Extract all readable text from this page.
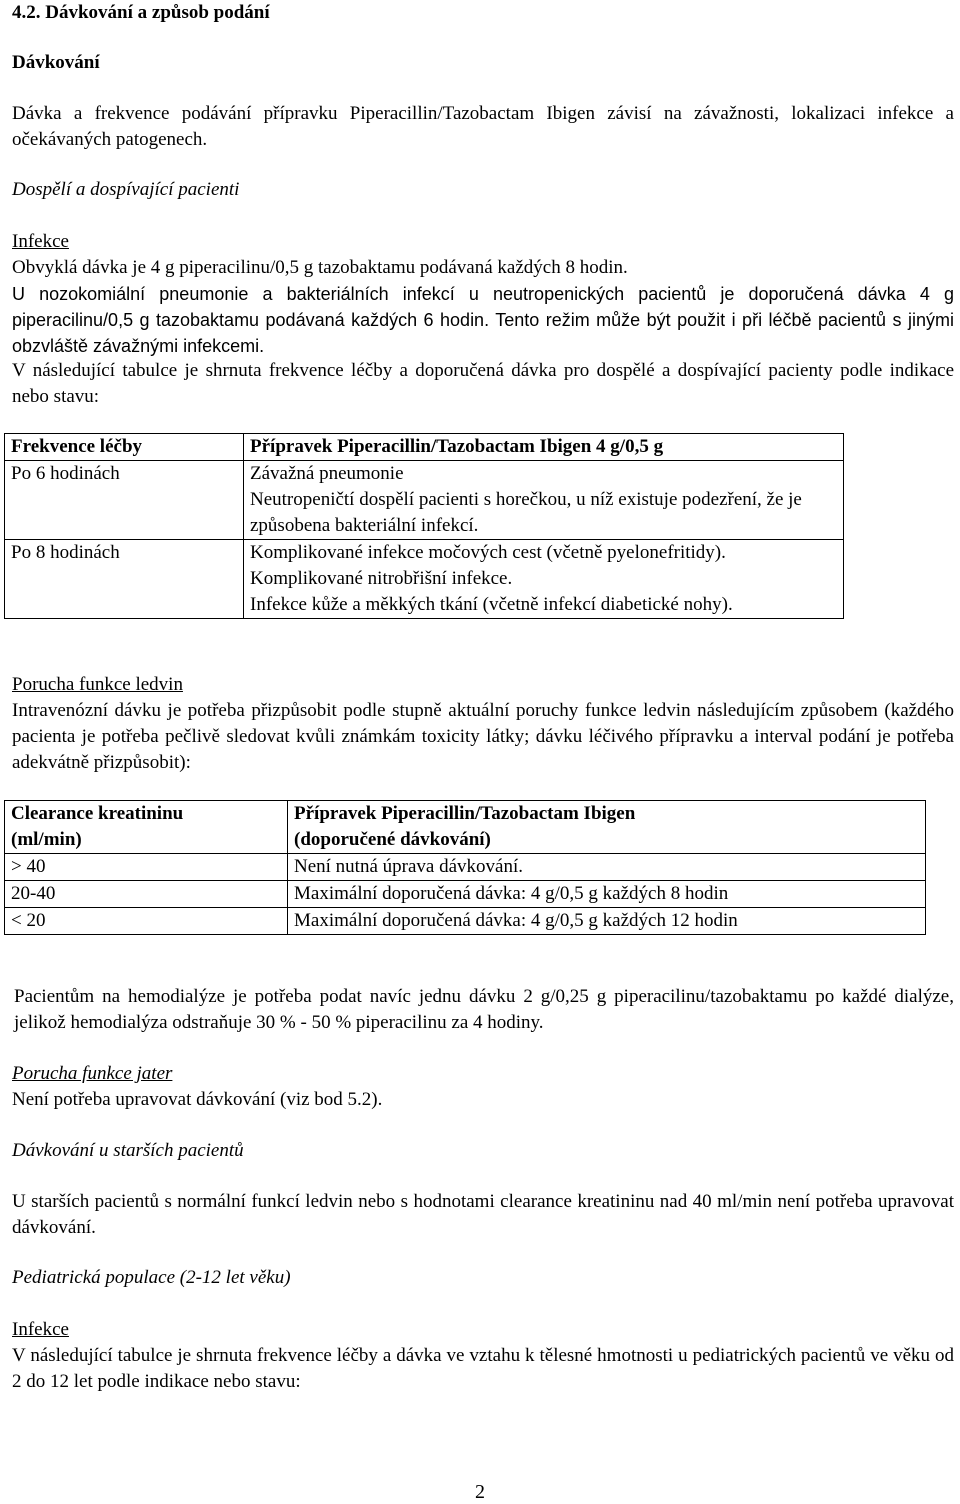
4.2. Dávkování a způsob podání
Dávkování
Dávka a frekvence podávání přípravku Piperacillin/Tazobactam Ibigen závisí na závažnosti, lokalizaci infekce a očekávaných patogenech.
Dospělí a dospívající pacienti
Infekce
Obvyklá dávka je 4 g piperacilinu/0,5 g tazobaktamu podávaná každých 8 hodin.
U nozokomiální pneumonie a bakteriálních infekcí u neutropenických pacientů je doporučená dávka 4 g piperacilinu/0,5 g tazobaktamu podávaná každých 6 hodin. Tento režim může být použit i při léčbě pacientů s jinými obzvláště závažnými infekcemi.
V následující tabulce je shrnuta frekvence léčby a doporučená dávka pro dospělé a dospívající pacienty podle indikace nebo stavu:
Frekvence léčby	Přípravek Piperacillin/Tazobactam Ibigen 4 g/0,5 g
Po 6 hodinách	Závažná pneumonie
Neutropeničtí dospělí pacienti s horečkou, u níž existuje podezření, že je způsobena bakteriální infekcí.

Po 8 hodinách	Komplikované infekce močových cest (včetně pyelonefritidy).
Komplikované nitrobřišní infekce.
Infekce kůže a měkkých tkání (včetně infekcí diabetické nohy).
Porucha funkce ledvin
Intravenózní dávku je potřeba přizpůsobit podle stupně aktuální poruchy funkce ledvin následujícím způsobem (každého pacienta je potřeba pečlivě sledovat kvůli známkám toxicity látky; dávku léčivého přípravku a interval podání je potřeba adekvátně přizpůsobit):
Clearance kreatininu
(ml/min)	Přípravek Piperacillin/Tazobactam Ibigen
(doporučené dávkování)

> 40	Není nutná úprava dávkování.
20-40	Maximální doporučená dávka: 4 g/0,5 g každých 8 hodin
< 20	Maximální doporučená dávka: 4 g/0,5 g každých 12 hodin
Pacientům na hemodialýze je potřeba podat navíc jednu dávku 2 g/0,25 g piperacilinu/tazobaktamu po každé dialýze, jelikož hemodialýza odstraňuje 30 % - 50 % piperacilinu za 4 hodiny.
Porucha funkce jater
Není potřeba upravovat dávkování (viz bod 5.2).
Dávkování u starších pacientů
U starších pacientů s normální funkcí ledvin nebo s hodnotami clearance kreatininu nad 40 ml/min není potřeba upravovat dávkování.
Pediatrická populace (2-12 let věku)
Infekce
V následující tabulce je shrnuta frekvence léčby a dávka ve vztahu k tělesné hmotnosti u pediatrických pacientů ve věku od 2 do 12 let podle indikace nebo stavu:
2
